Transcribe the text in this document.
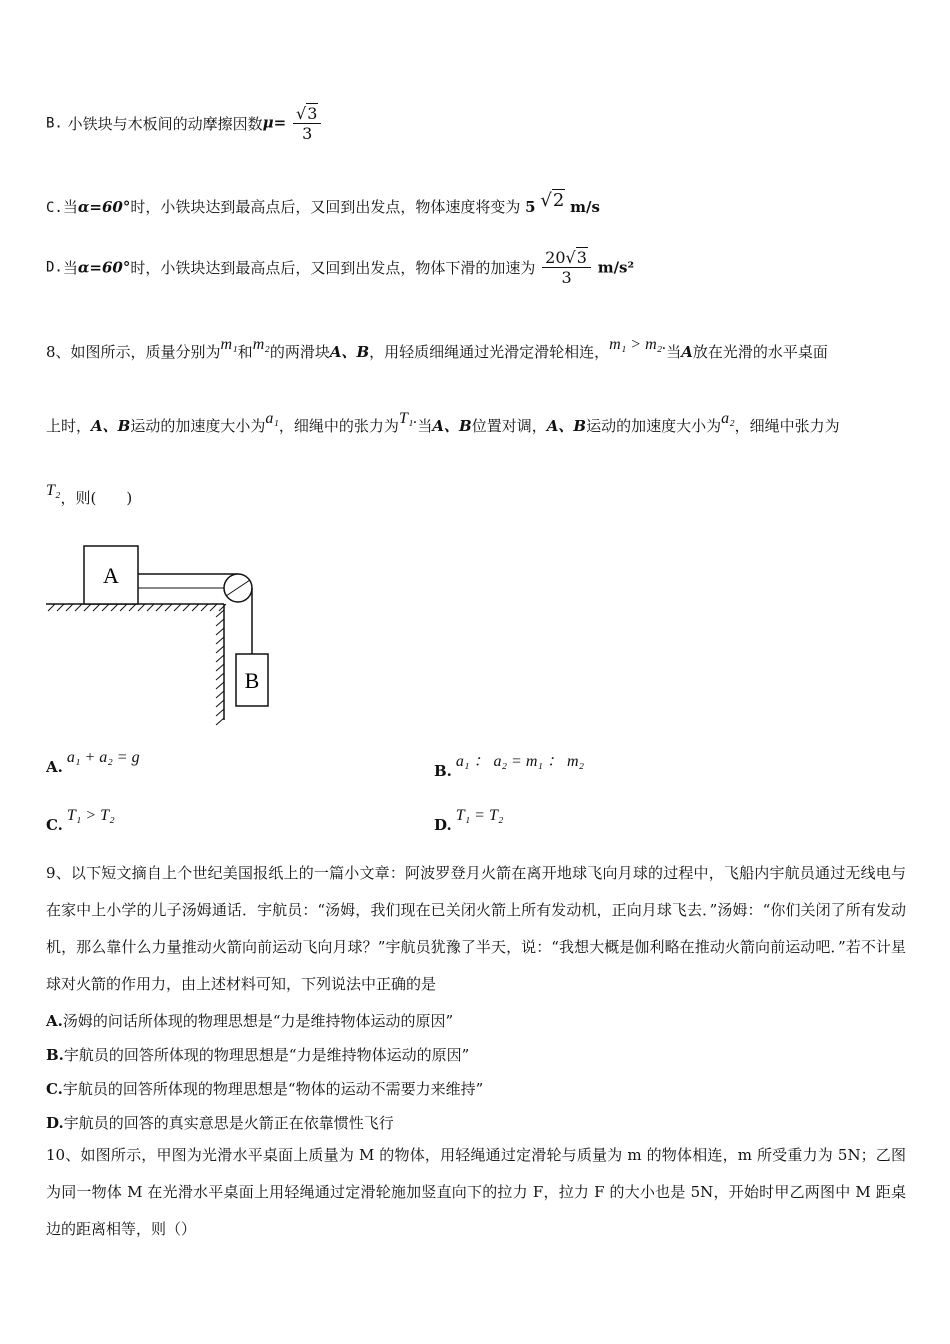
B. 小铁块与木板间的动摩擦因数$\mu= \frac{√3}{3}$
C.当α=60°时，小铁块达到最高点后，又回到出发点，物体速度将变为 5 √2 m/s
D.当α=60°时，小铁块达到最高点后，又回到出发点，物体下滑的加速为 $\frac{20√3}{3} m/s^2$
8、如图所示，质量分别为m₁和m₂的两滑块A、B，用轻质细绳通过光滑定滑轮相连，m₁ > m₂.当A放在光滑的水平桌面
上时，A、B运动的加速度大小为a₁，细绳中的张力为T₁.当A、B位置对调，A、B运动的加速度大小为a₂，细绳中张力为
T₂，则(　　)
A
B
A.a₁ + a₂ = g
B.a₁ ： a₂ = m₁ ： m₂
C.T₁ > T₂
D.T₁ = T₂
9、以下短文摘自上个世纪美国报纸上的一篇小文章：阿波罗登月火箭在离开地球飞向月球的过程中，飞船内宇航员通过无线电与在家中上小学的儿子汤姆通话．宇航员：“汤姆，我们现在已关闭火箭上所有发动机，正向月球飞去．”汤姆：“你们关闭了所有发动机，那么靠什么力量推动火箭向前运动飞向月球？”宇航员犹豫了半天，说：“我想大概是伽利略在推动火箭向前运动吧．”若不计星球对火箭的作用力，由上述材料可知，下列说法中正确的是
A.汤姆的问话所体现的物理思想是“力是维持物体运动的原因”
B.宇航员的回答所体现的物理思想是“力是维持物体运动的原因”
C.宇航员的回答所体现的物理思想是“物体的运动不需要力来维持”
D.宇航员的回答的真实意思是火箭正在依靠惯性飞行
10、如图所示，甲图为光滑水平桌面上质量为 M 的物体，用轻绳通过定滑轮与质量为 m 的物体相连，m 所受重力为 5N；乙图为同一物体 M 在光滑水平桌面上用轻绳通过定滑轮施加竖直向下的拉力 F，拉力 F 的大小也是 5N，开始时甲乙两图中 M 距桌边的距离相等，则（）
